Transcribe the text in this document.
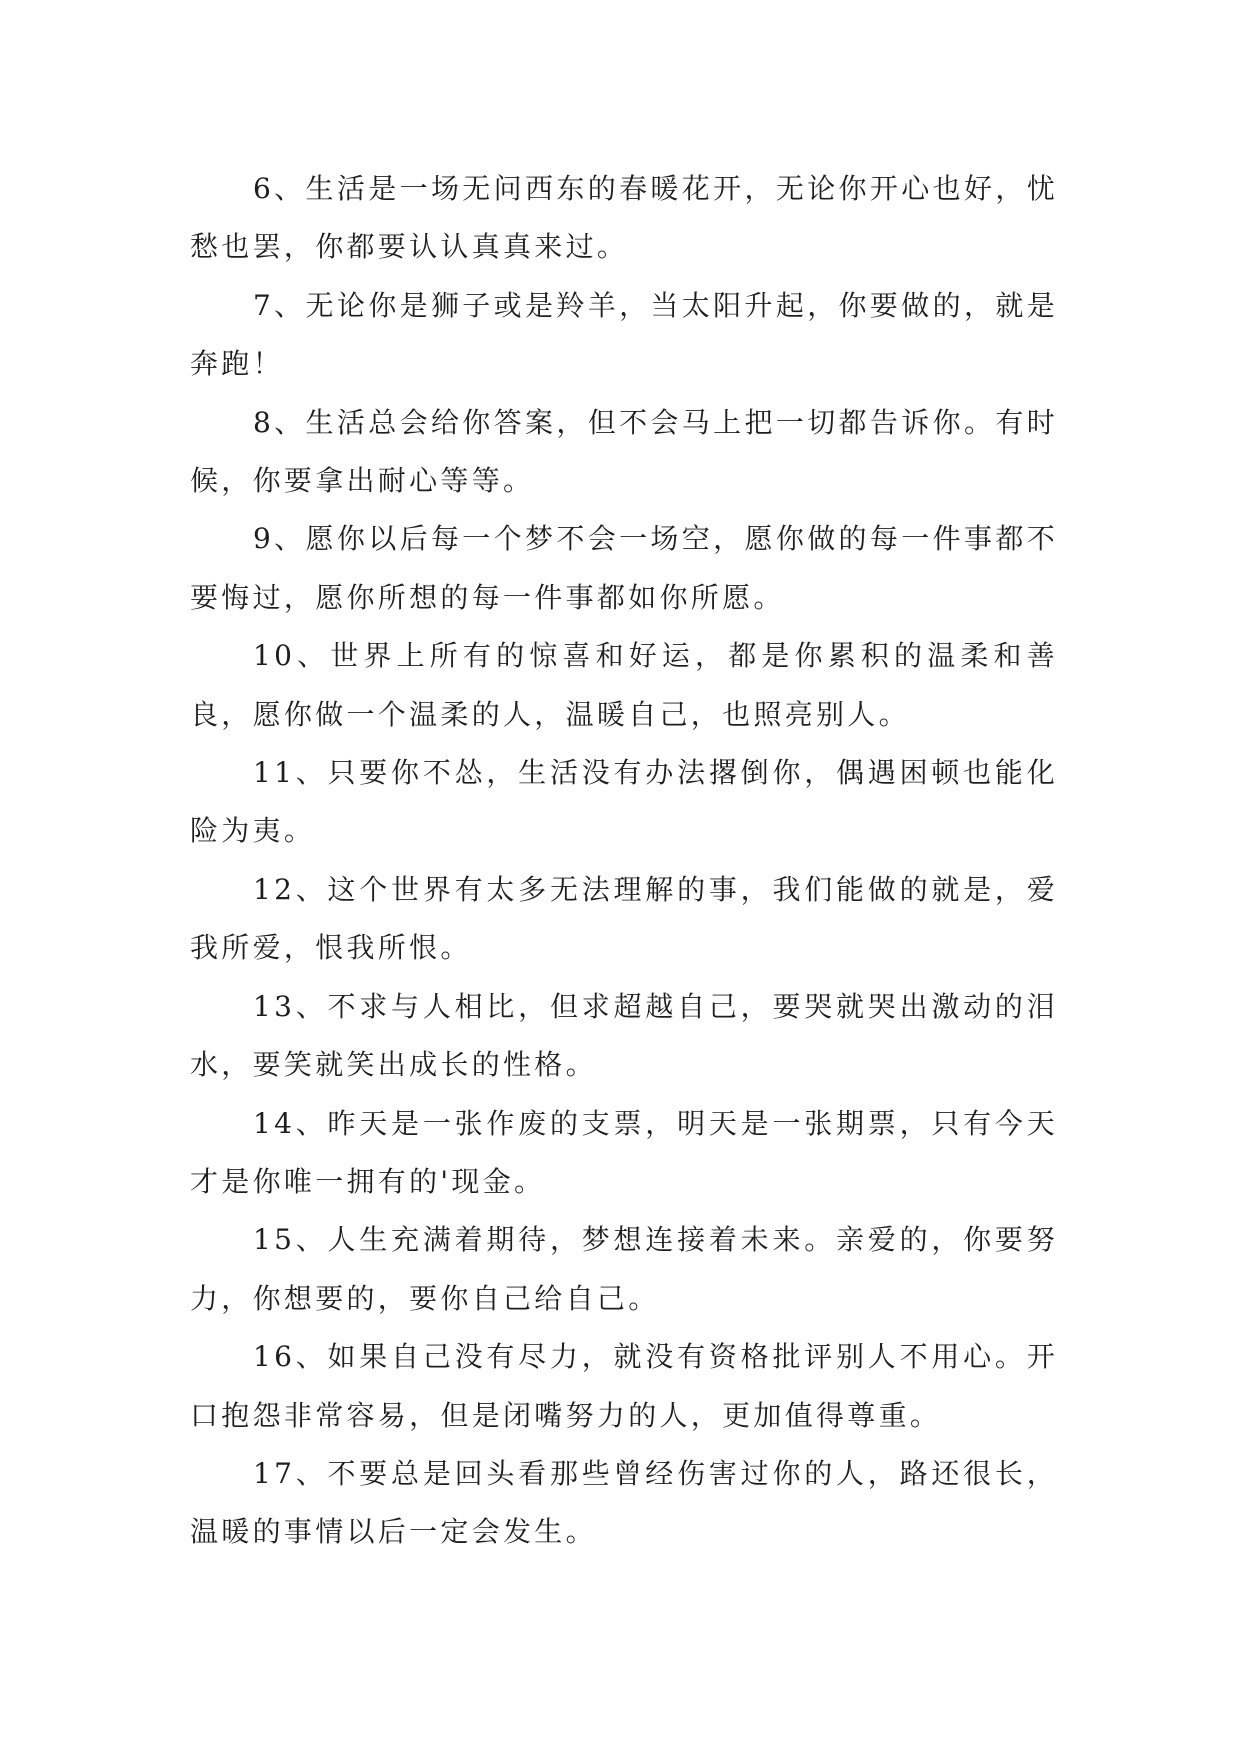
6、生活是一场无问西东的春暖花开，无论你开心也好，忧愁也罢，你都要认认真真来过。

7、无论你是狮子或是羚羊，当太阳升起，你要做的，就是奔跑！

8、生活总会给你答案，但不会马上把一切都告诉你。有时候，你要拿出耐心等等。

9、愿你以后每一个梦不会一场空，愿你做的每一件事都不要悔过，愿你所想的每一件事都如你所愿。

10、世界上所有的惊喜和好运，都是你累积的温柔和善良，愿你做一个温柔的人，温暖自己，也照亮别人。

11、只要你不怂，生活没有办法撂倒你，偶遇困顿也能化险为夷。

12、这个世界有太多无法理解的事，我们能做的就是，爱我所爱，恨我所恨。

13、不求与人相比，但求超越自己，要哭就哭出激动的泪水，要笑就笑出成长的性格。

14、昨天是一张作废的支票，明天是一张期票，只有今天才是你唯一拥有的'现金。

15、人生充满着期待，梦想连接着未来。亲爱的，你要努力，你想要的，要你自己给自己。

16、如果自己没有尽力，就没有资格批评别人不用心。开口抱怨非常容易，但是闭嘴努力的人，更加值得尊重。

17、不要总是回头看那些曾经伤害过你的人，路还很长，温暖的事情以后一定会发生。
